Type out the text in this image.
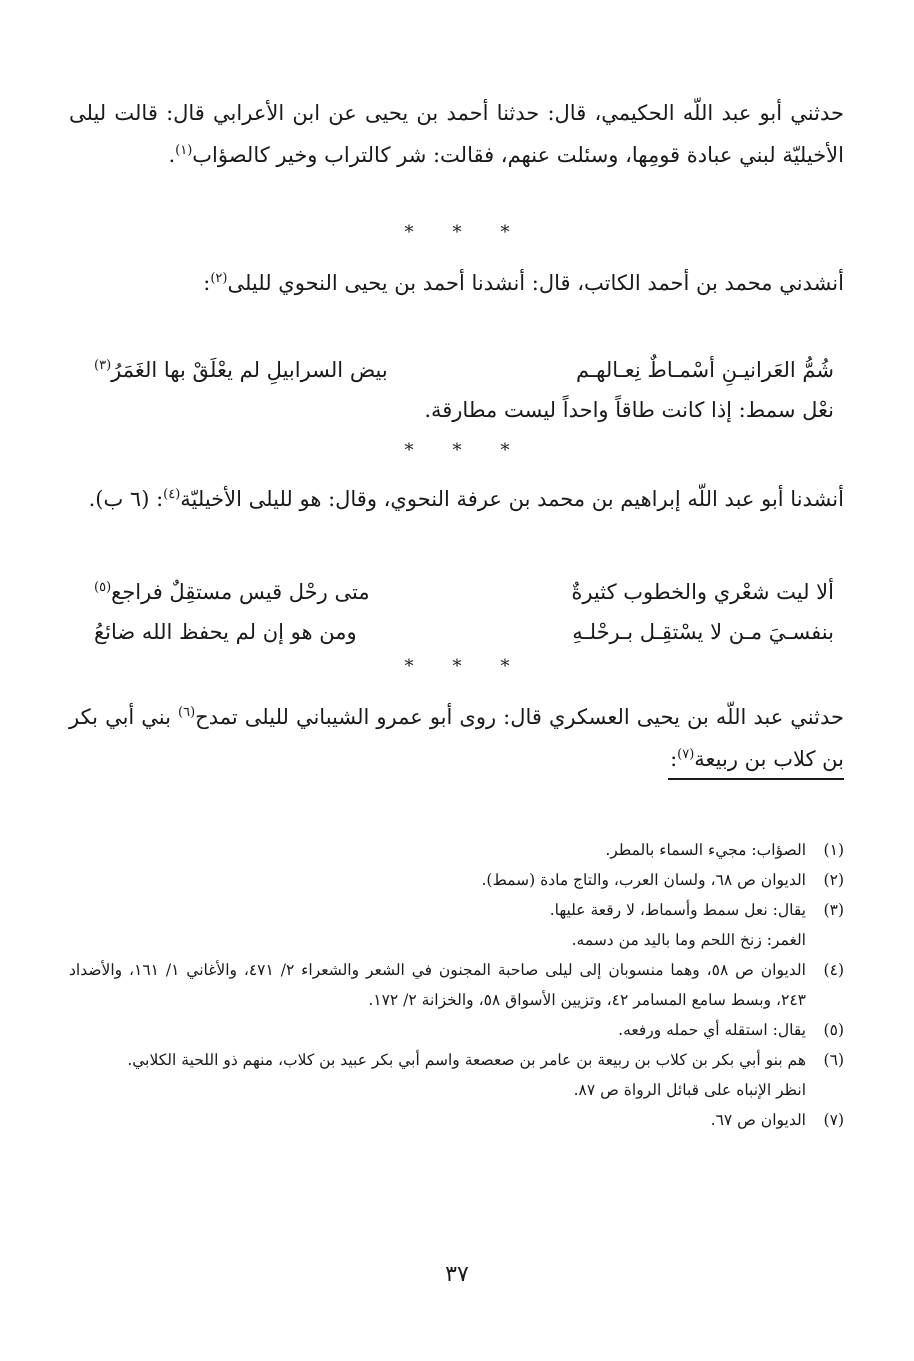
حدثني أبو عبد اللّه الحكيمي، قال: حدثنا أحمد بن يحيى عن ابن الأعرابي قال: قالت ليلى الأخيليّة لبني عبادة قومِها، وسئلت عنهم، فقالت: شر كالتراب وخير كالصؤاب$^{(١)}$.

* * *

أنشدني محمد بن أحمد الكاتب، قال: أنشدنا أحمد بن يحيى النحوي لليلى$^{(٢)}$:

شُمُّ العَرانيـنِ أسْمـاطٌ نِعـالهـم
بيض السرابيلِ لم يعْلَقْ بها الغَمَرُ$^{(٣)}$
نعْل سمط: إذا كانت طاقاً واحداً ليست مطارقة.
* * *

أنشدنا أبو عبد اللّه إبراهيم بن محمد بن عرفة النحوي، وقال: هو لليلى الأخيليّة$^{(٤)}$: (٦ ب).

ألا ليت شعْري والخطوب كثيرةٌ
متى رحْل قيس مستقِلٌ فراجع$^{(٥)}$
بنفسـيَ مـن لا يسْتقِـل بـرحْلـهِ
ومن هو إن لم يحفظ الله ضائعُ
* * *

حدثني عبد اللّه بن يحيى العسكري قال: روى أبو عمرو الشيباني لليلى تمدح$^{(٦)}$ بني أبي بكر بن كلاب بن ربيعة$^{(٧)}$:

(١)
الصؤاب: مجيء السماء بالمطر.
(٢)
الديوان ص ٦٨، ولسان العرب، والتاج مادة (سمط).
(٣)
يقال: نعل سمط وأسماط، لا رقعة عليها.
الغمر: زنخ اللحم وما باليد من دسمه.
(٤)
الديوان ص ٥٨، وهما منسوبان إلى ليلى صاحبة المجنون في الشعر والشعراء ٢/ ٤٧١، والأغاني ١/ ١٦١، والأضداد ٢٤٣، وبسط سامع المسامر ٤٢، وتزيين الأسواق ٥٨، والخزانة ٢/ ١٧٢.
(٥)
يقال: استقله أي حمله ورفعه.
(٦)
هم بنو أبي بكر بن كلاب بن ربيعة بن عامر بن صعصعة واسم أبي بكر عبيد بن كلاب، منهم ذو اللحية الكلابي.
انظر الإنباه على قبائل الرواة ص ٨٧.
(٧)
الديوان ص ٦٧.
٣٧
